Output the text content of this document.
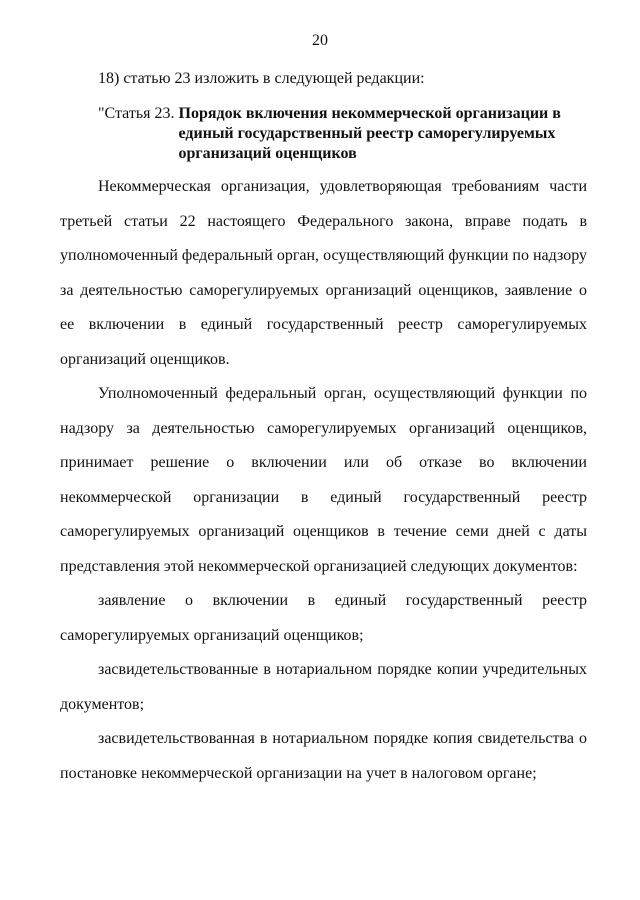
20
18) статью 23 изложить в следующей редакции:
"Статья 23. Порядок включения некоммерческой организации в единый государственный реестр саморегулируемых организаций оценщиков

Некоммерческая организация, удовлетворяющая требованиям части третьей статьи 22 настоящего Федерального закона, вправе подать в уполномоченный федеральный орган, осуществляющий функции по надзору за деятельностью саморегулируемых организаций оценщиков, заявление о ее включении в единый государственный реестр саморегулируемых организаций оценщиков.

Уполномоченный федеральный орган, осуществляющий функции по надзору за деятельностью саморегулируемых организаций оценщиков, принимает решение о включении или об отказе во включении некоммерческой организации в единый государственный реестр саморегулируемых организаций оценщиков в течение семи дней с даты представления этой некоммерческой организацией следующих документов:

заявление о включении в единый государственный реестр саморегулируемых организаций оценщиков;

засвидетельствованные в нотариальном порядке копии учредительных документов;

засвидетельствованная в нотариальном порядке копия свидетельства о постановке некоммерческой организации на учет в налоговом органе;
